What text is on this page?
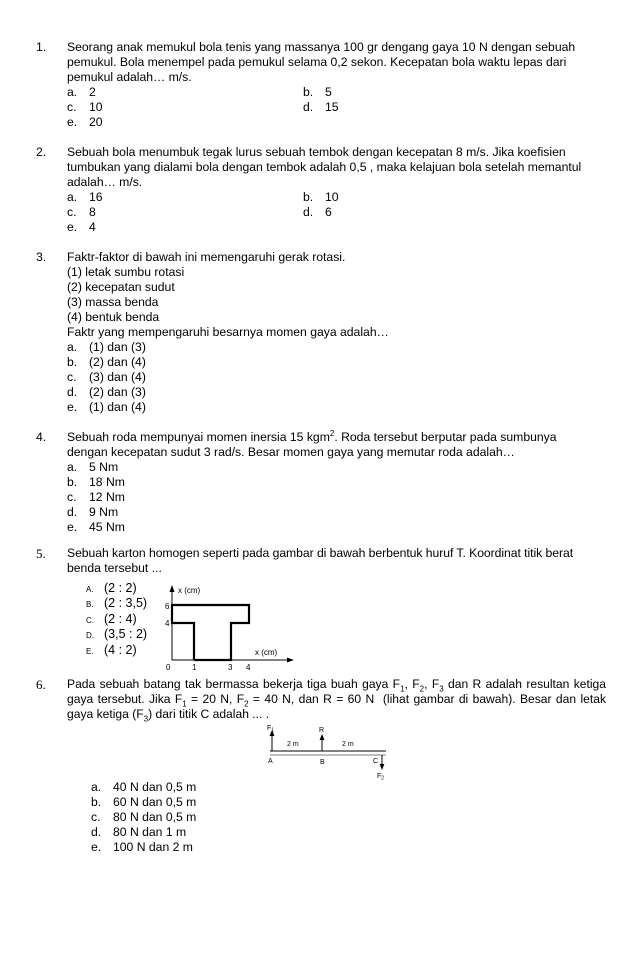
1.	Seorang anak memukul bola tenis yang massanya 100 gr dengang gaya 10 N dengan sebuah
pemukul. Bola menempel pada pemukul selama 0,2 sekon. Kecepatan bola waktu lepas dari
pemukul adalah… m/s.
a. 2	b. 5
c. 10	d. 15
e. 20
2.	Sebuah bola menumbuk tegak lurus sebuah tembok dengan kecepatan 8 m/s. Jika koefisien
tumbukan yang dialami bola dengan tembok adalah 0,5 , maka kelajuan bola setelah memantul
adalah… m/s.
a. 16	b. 10
c. 8	d. 6
e. 4
3.	Faktr-faktor di bawah ini memengaruhi gerak rotasi.
(1) letak sumbu rotasi
(2) kecepatan sudut
(3) massa benda
(4) bentuk benda
Faktr yang mempengaruhi besarnya momen gaya adalah…
a. (1) dan (3)
b. (2) dan (4)
c. (3) dan (4)
d. (2) dan (3)
e. (1) dan (4)
4.	Sebuah roda mempunyai momen inersia 15 kgm$^2$. Roda tersebut berputar pada sumbunya
dengan kecepatan sudut 3 rad/s. Besar momen gaya yang memutar roda adalah…
a. 5 Nm
b. 18 Nm
c. 12 Nm
d. 9 Nm
e. 45 Nm
5.	Sebuah karton homogen seperti pada gambar di bawah berbentuk huruf T. Koordinat titik berat
benda tersebut ...
A. (2 : 2)
B. (2 : 3,5)
C. (2 : 4)
D. (3,5 : 2)
E. (4 : 2)
x (cm)
x (cm)
6
4
0	1	3 4
6.	Pada sebuah batang tak bermassa bekerja tiga buah gaya $F_1$, $F_2$, $F_3$ dan R adalah resultan ketiga gaya tersebut. Jika $F_1 = 20$ N, $F_2 = 40$ N, dan R = 60 N  (lihat gambar di bawah). Besar dan letak gaya ketiga $(F_3)$ dari titik C adalah ... .
a. 40 N dan 0,5 m
b. 60 N dan 0,5 m
c. 80 N dan 0,5 m
d. 80 N dan 1 m
e. 100 N dan 2 m
$F_1$	R
$F_2$
2 m	2 m
A	B	C
